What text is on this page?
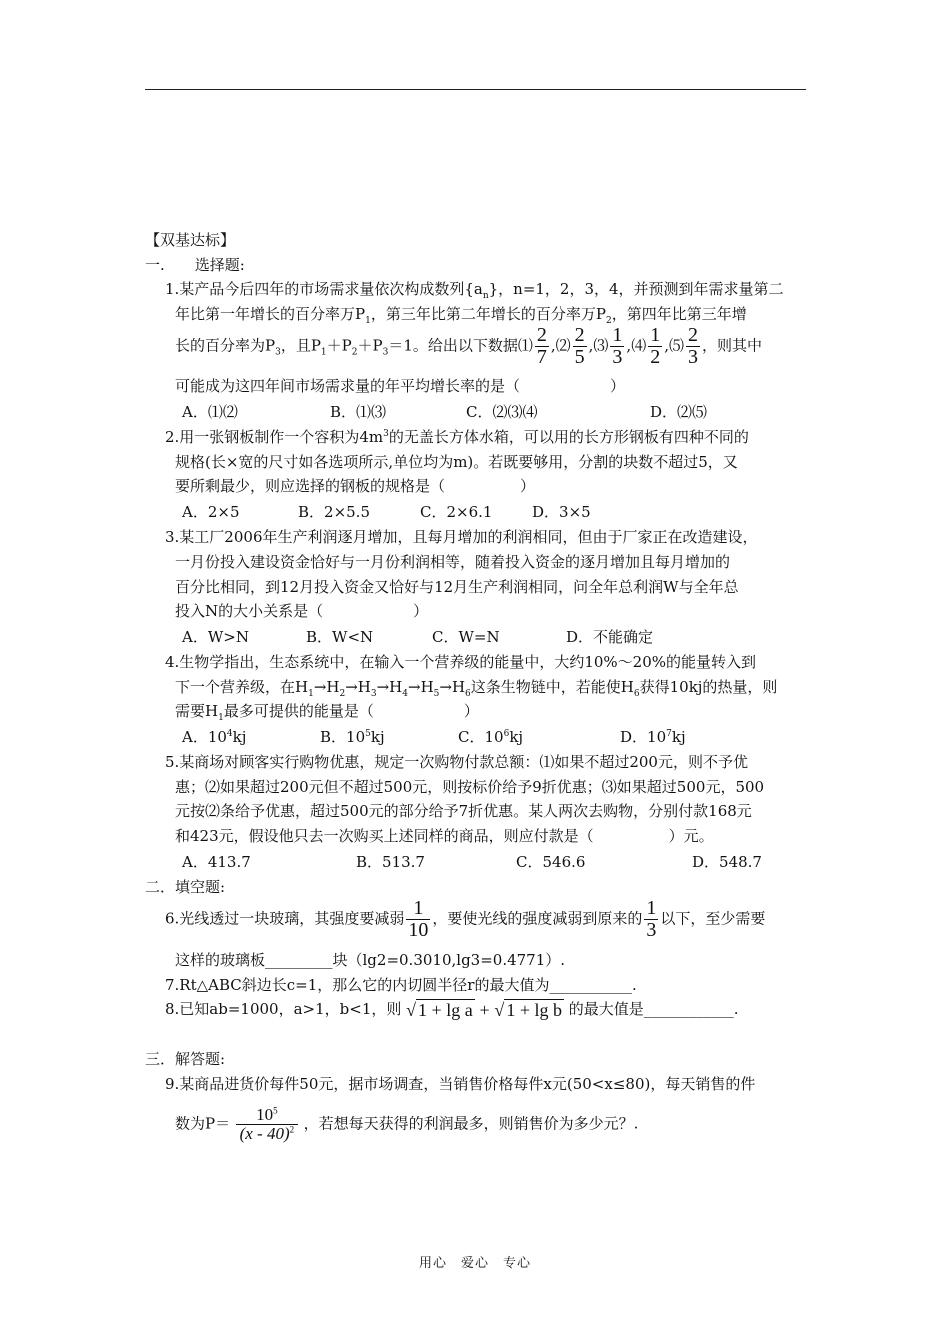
【双基达标】
一.　　选择题:
1.某产品今后四年的市场需求量依次构成数列$\{a_n\}$，n=1，2，3，4，并预测到年需求量第二
年比第一年增长的百分率万$P_1$，第三年比第二年增长的百分率万$P_2$，第四年比第三年增
长的百分率为$P_3$，且$P_1+P_2+P_3=1$。给出以下数据⑴ $\frac{2}{7}$ ,⑵ $\frac{2}{5}$ ,⑶ $\frac{1}{3}$ ,⑷ $\frac{1}{2}$ ,⑸ $\frac{2}{3}$ ，则其中
可能成为这四年间市场需求量的年平均增长率的是（　　　　　　）
A．⑴⑵	B．⑴⑶	C．⑵⑶⑷	D．⑵⑸
2.用一张钢板制作一个容积为$4m^3$的无盖长方体水箱，可以用的长方形钢板有四种不同的
规格(长×宽的尺寸如各选项所示,单位均为m)。若既要够用，分割的块数不超过5，又
要所剩最少，则应选择的钢板的规格是（　　　　　）
A．2×5	B．2×5.5	C．2×6.1	D．3×5
3.某工厂2006年生产利润逐月增加，且每月增加的利润相同，但由于厂家正在改造建设，
一月份投入建设资金恰好与一月份利润相等，随着投入资金的逐月增加且每月增加的
百分比相同，到12月投入资金又恰好与12月生产利润相同，问全年总利润W与全年总
投入N的大小关系是（　　　　　　）
A．W>N	B．W<N	C．W=N	D．不能确定
4.生物学指出，生态系统中，在输入一个营养级的能量中，大约10%～20%的能量转入到
下一个营养级，在$H_1\to H_2\to H_3\to H_4\to H_5\to H_6$这条生物链中，若能使$H_6$获得10kj的热量，则
需要$H_1$最多可提供的能量是（　　　　　　）
A．$10^4kj$	B．$10^5kj$	C．$10^6kj$	D．$10^7kj$
5.某商场对顾客实行购物优惠，规定一次购物付款总额：⑴如果不超过200元，则不予优
惠；⑵如果超过200元但不超过500元，则按标价给予9折优惠；⑶如果超过500元，500
元按⑵条给予优惠，超过500元的部分给予7折优惠。某人两次去购物，分别付款168元
和423元，假设他只去一次购买上述同样的商品，则应付款是（　　　　　）元。
A．413.7	B．513.7	C．546.6	D．548.7
二．填空题:
6.光线透过一块玻璃，其强度要减弱 $\frac{1}{10}$ ，要使光线的强度减弱到原来的 $\frac{1}{3}$ 以下，至少需要
这样的玻璃板_________块（lg2=0.3010,lg3=0.4771）.
7.Rt△ABC斜边长c=1，那么它的内切圆半径r的最大值为___________.
8.已知ab=1000，a>1，b<1，则 √ 1 + lg a + √ 1 + lg b 的最大值是____________.
三．解答题:
9.某商品进货价每件50元，据市场调查，当销售价格每件x元(50<x≤80)，每天销售的件
数为$P= \frac{10^5}{(x - 40)^2}$ ，若想每天获得的利润最多，则销售价为多少元？.
用心　爱心　专心
